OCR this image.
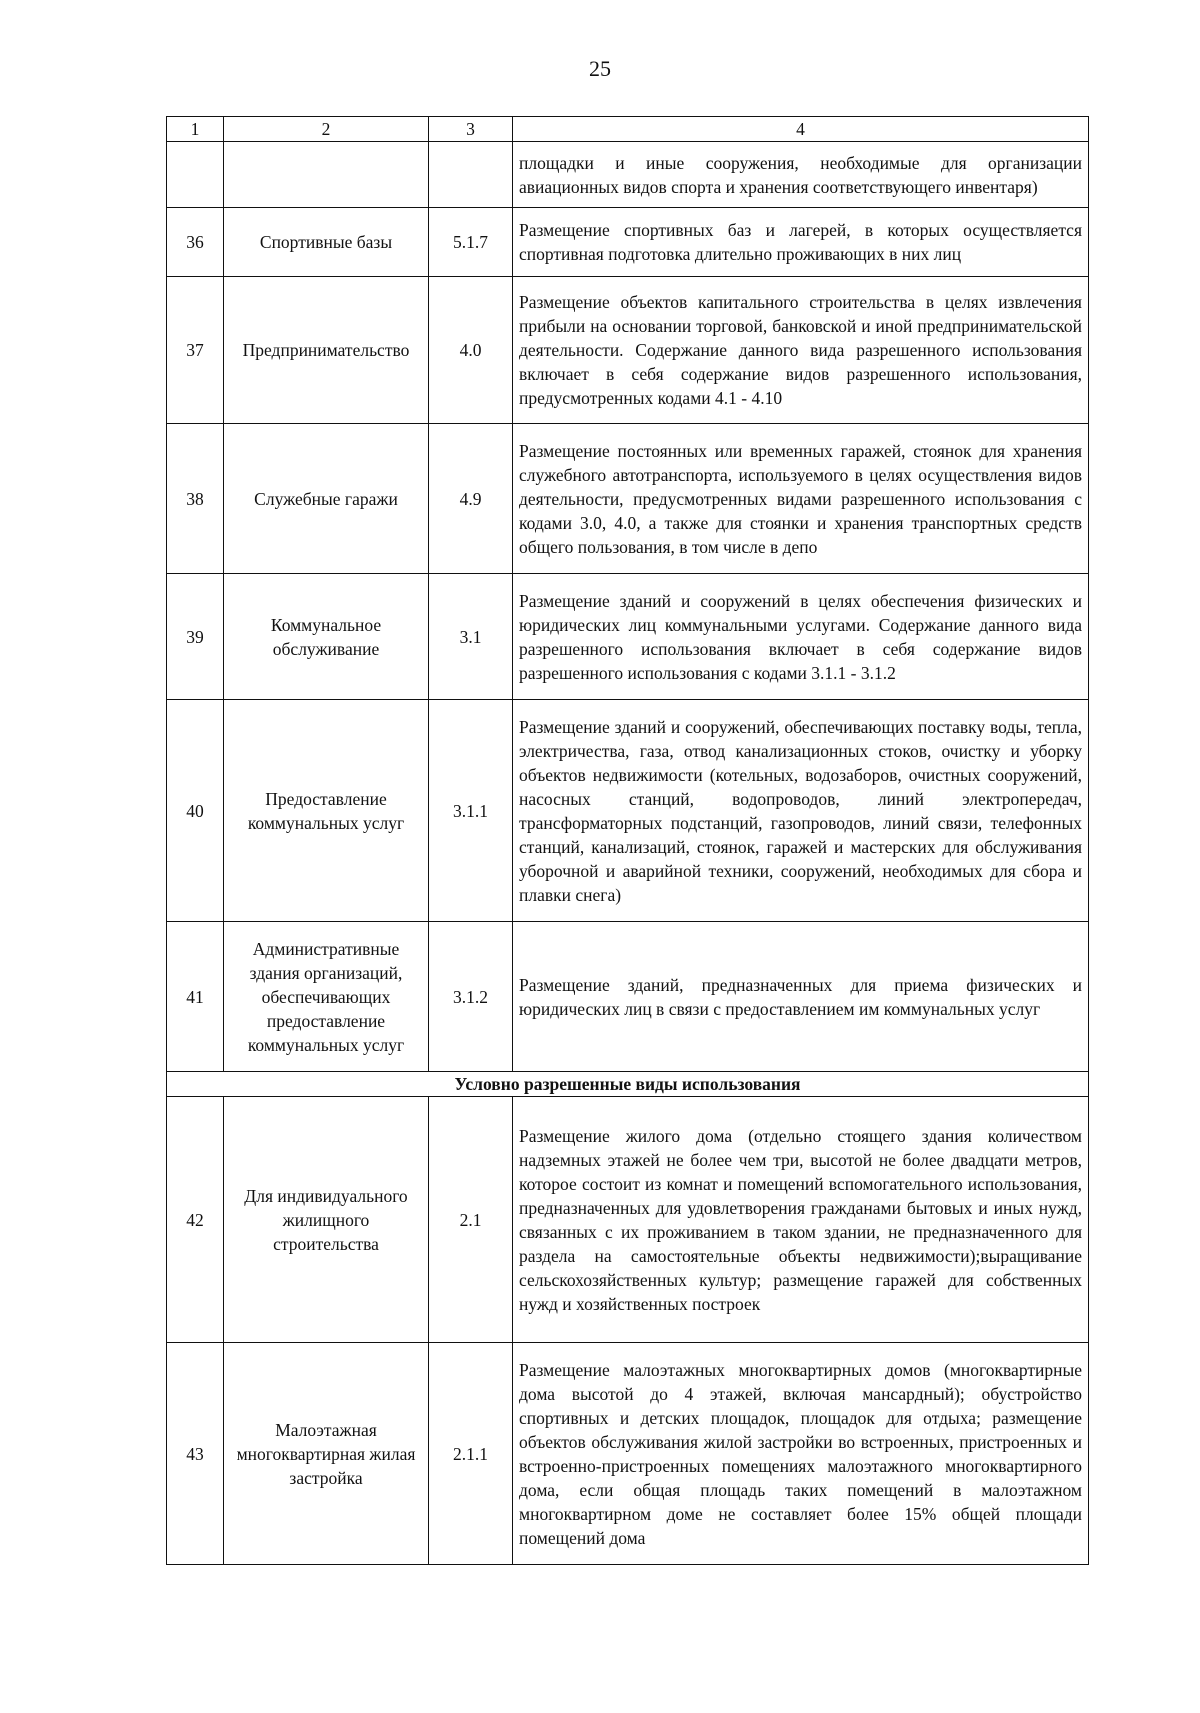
25
1	2	3	4
			площадки и иные сооружения, необходимые для организации авиационных видов спорта и хранения соответствующего инвентаря)
36	Спортивные базы	5.1.7	Размещение спортивных баз и лагерей, в которых осуществляется спортивная подготовка длительно проживающих в них лиц
37	Предпринимательство	4.0	Размещение объектов капитального строительства в целях извлечения прибыли на основании торговой, банковской и иной предпринимательской деятельности. Содержание данного вида разрешенного использования включает в себя содержание видов разрешенного использования, предусмотренных кодами 4.1 - 4.10
38	Служебные гаражи	4.9	Размещение постоянных или временных гаражей, стоянок для хранения служебного автотранспорта, используемого в целях осуществления видов деятельности, предусмотренных видами разрешенного использования с кодами 3.0, 4.0, а также для стоянки и хранения транспортных средств общего пользования, в том числе в депо
39	Коммунальное обслуживание	3.1	Размещение зданий и сооружений в целях обеспечения физических и юридических лиц коммунальными услугами. Содержание данного вида разрешенного использования включает в себя содержание видов разрешенного использования с кодами 3.1.1 - 3.1.2
40	Предоставление коммунальных услуг	3.1.1	Размещение зданий и сооружений, обеспечивающих поставку воды, тепла, электричества, газа, отвод канализационных стоков, очистку и уборку объектов недвижимости (котельных, водозаборов, очистных сооружений, насосных станций, водопроводов, линий электропередач, трансформаторных подстанций, газопроводов, линий связи, телефонных станций, канализаций, стоянок, гаражей и мастерских для обслуживания уборочной и аварийной техники, сооружений, необходимых для сбора и плавки снега)
41	Административные здания организаций, обеспечивающих предоставление коммунальных услуг	3.1.2	Размещение зданий, предназначенных для приема физических и юридических лиц в связи с предоставлением им коммунальных услуг
Условно разрешенные виды использования			
42	Для индивидуального жилищного строительства	2.1	Размещение жилого дома (отдельно стоящего здания количеством надземных этажей не более чем три, высотой не более двадцати метров, которое состоит из комнат и помещений вспомогательного использования, предназначенных для удовлетворения гражданами бытовых и иных нужд, связанных с их проживанием в таком здании, не предназначенного для раздела на самостоятельные объекты недвижимости);выращивание сельскохозяйственных культур; размещение гаражей для собственных нужд и хозяйственных построек
43	Малоэтажная многоквартирная жилая застройка	2.1.1	Размещение малоэтажных многоквартирных домов (многоквартирные дома высотой до 4 этажей, включая мансардный); обустройство спортивных и детских площадок, площадок для отдыха; размещение объектов обслуживания жилой застройки во встроенных, пристроенных и встроенно-пристроенных помещениях малоэтажного многоквартирного дома, если общая площадь таких помещений в малоэтажном многоквартирном доме не составляет более 15% общей площади помещений дома
